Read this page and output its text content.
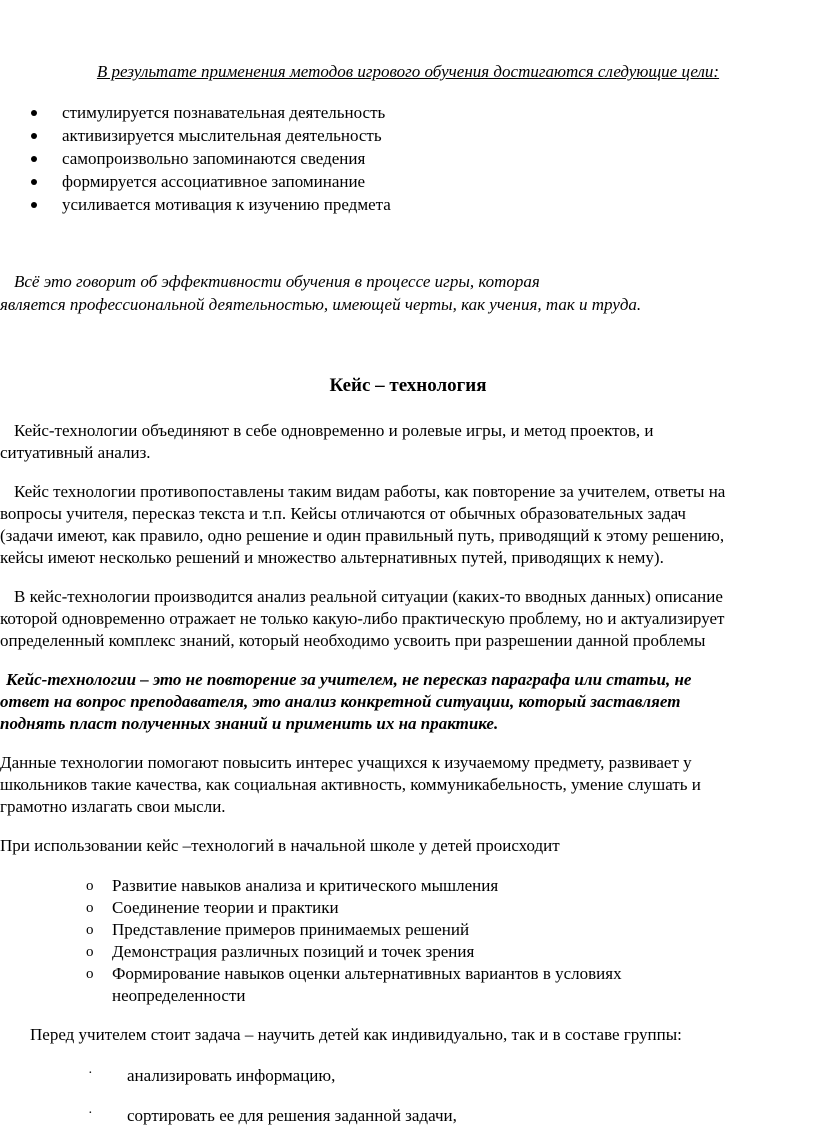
В результате применения методов игрового обучения достигаются следующие цели:
стимулируется познавательная деятельность
активизируется мыслительная деятельность
самопроизвольно запоминаются сведения
формируется ассоциативное запоминание
усиливается мотивация к изучению предмета
Всё это говорит об эффективности обучения в процессе игры, которая
является профессиональной деятельностью, имеющей черты, как учения, так и труда.
Кейс – технология
Кейс-технологии объединяют в себе одновременно и ролевые игры, и метод проектов, и
ситуативный анализ.
Кейс технологии противопоставлены таким видам работы, как повторение за учителем, ответы на
вопросы учителя, пересказ текста и т.п. Кейсы отличаются от обычных образовательных задач
(задачи имеют, как правило, одно решение и один правильный путь, приводящий к этому решению,
кейсы имеют несколько решений и множество альтернативных путей, приводящих к нему).
В кейс-технологии производится анализ реальной ситуации (каких-то вводных данных) описание
которой одновременно отражает не только какую-либо практическую проблему, но и актуализирует
определенный комплекс знаний, который необходимо усвоить при разрешении данной проблемы
Кейс-технологии – это не повторение за учителем, не пересказ параграфа или статьи, не
ответ на вопрос преподавателя, это анализ конкретной ситуации, который заставляет
поднять пласт полученных знаний и применить их на практике.
Данные технологии помогают повысить интерес учащихся к изучаемому предмету, развивает у
школьников такие качества, как социальная активность, коммуникабельность, умение слушать и
грамотно излагать свои мысли.
При использовании кейс –технологий в начальной школе у детей происходит
o Развитие навыков анализа и критического мышления
o Соединение теории и практики
o Представление примеров принимаемых решений
o Демонстрация различных позиций и точек зрения
o Формирование навыков оценки альтернативных вариантов в условиях
неопределенности
Перед учителем стоит задача – научить детей как индивидуально, так и в составе группы:
· анализировать информацию,
· сортировать ее для решения заданной задачи,
